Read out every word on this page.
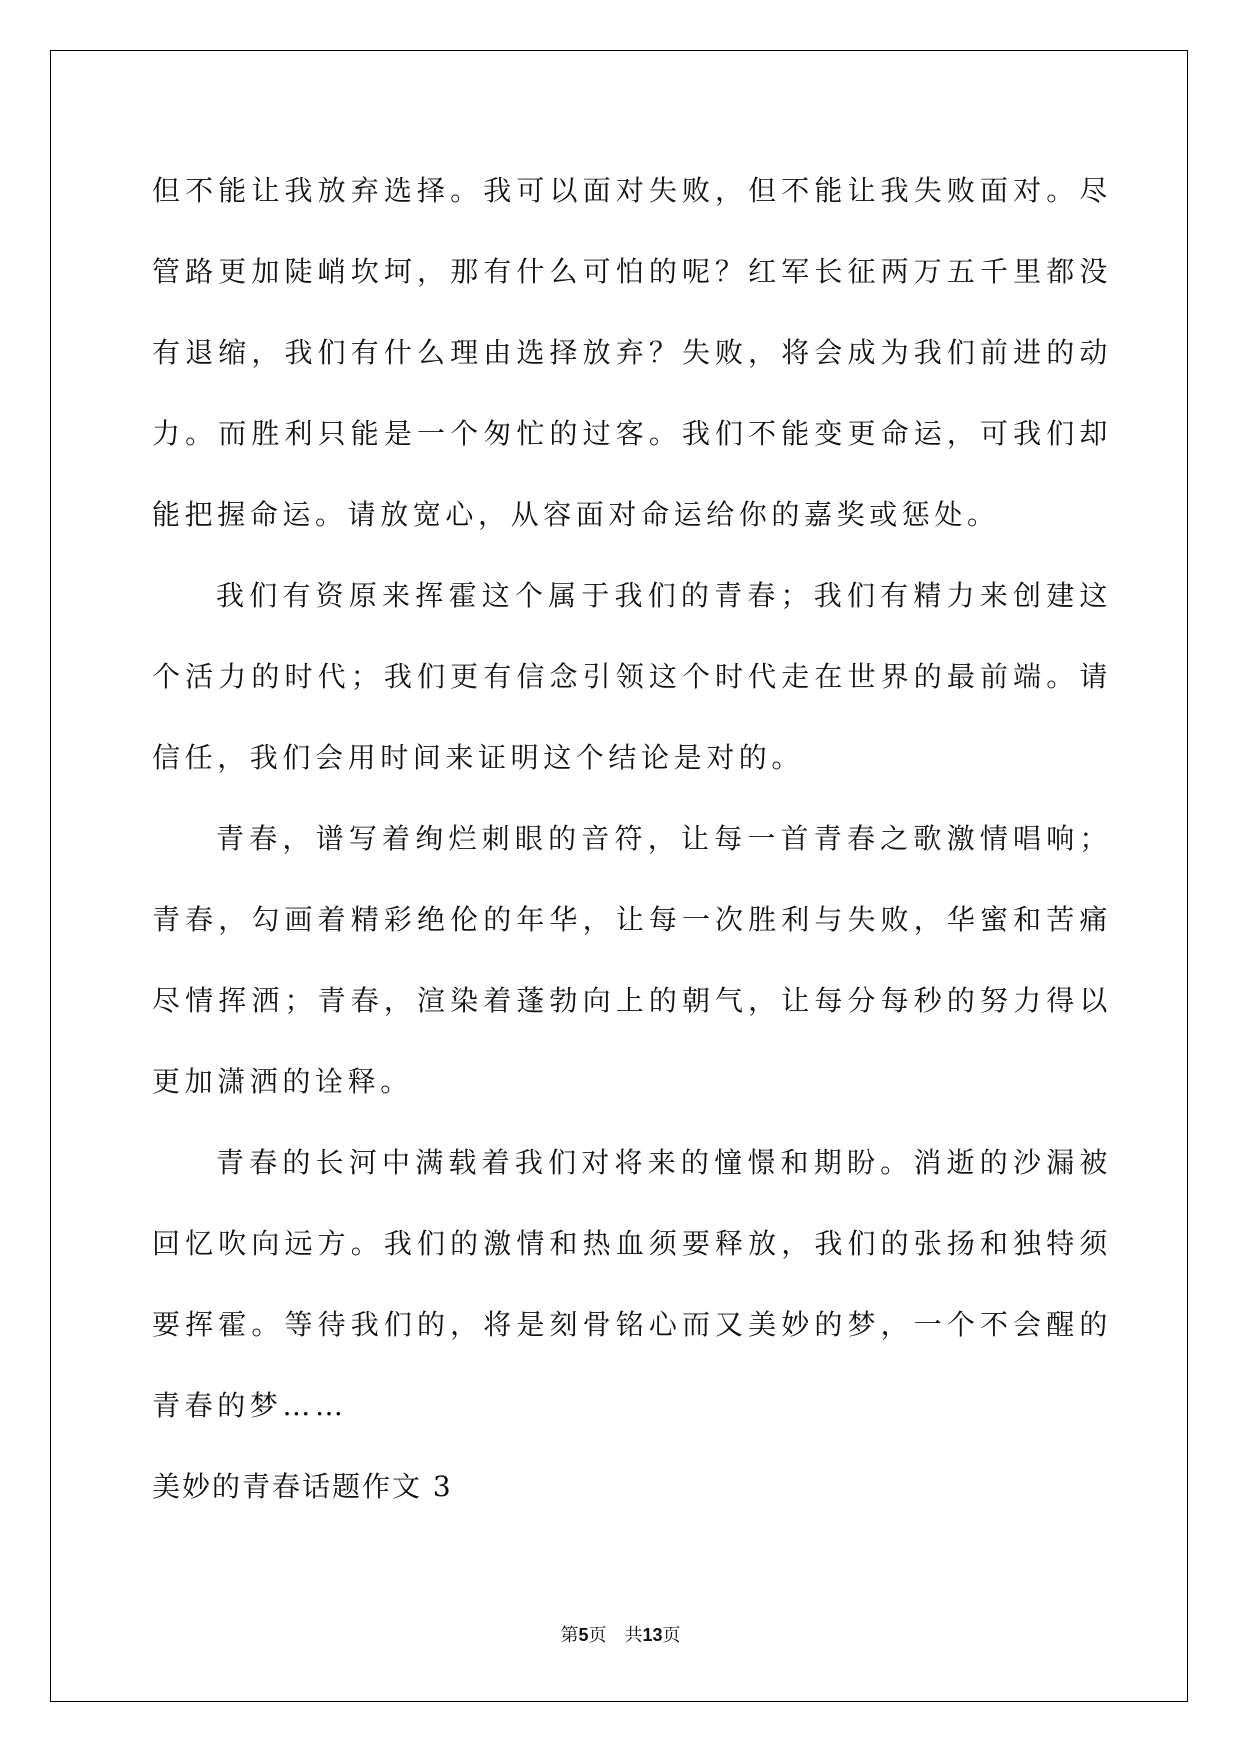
但不能让我放弃选择。我可以面对失败，但不能让我失败面对。尽管路更加陡峭坎坷，那有什么可怕的呢？红军长征两万五千里都没有退缩，我们有什么理由选择放弃？失败，将会成为我们前进的动力。而胜利只能是一个匆忙的过客。我们不能变更命运，可我们却能把握命运。请放宽心，从容面对命运给你的嘉奖或惩处。

我们有资原来挥霍这个属于我们的青春；我们有精力来创建这个活力的时代；我们更有信念引领这个时代走在世界的最前端。请信任，我们会用时间来证明这个结论是对的。

青春，谱写着绚烂刺眼的音符，让每一首青春之歌激情唱响；青春，勾画着精彩绝伦的年华，让每一次胜利与失败，华蜜和苦痛尽情挥洒；青春，渲染着蓬勃向上的朝气，让每分每秒的努力得以更加潇洒的诠释。

青春的长河中满载着我们对将来的憧憬和期盼。消逝的沙漏被回忆吹向远方。我们的激情和热血须要释放，我们的张扬和独特须要挥霍。等待我们的，将是刻骨铭心而又美妙的梦，一个不会醒的青春的梦……

美妙的青春话题作文 3

第5页　共13页
